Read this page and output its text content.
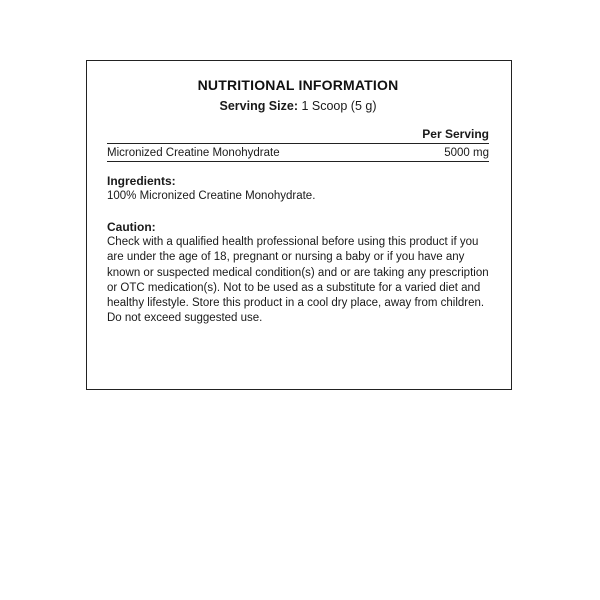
NUTRITIONAL INFORMATION
Serving Size: 1 Scoop (5 g)
Per Serving
Micronized Creatine Monohydrate	5000 mg
Ingredients:

100% Micronized Creatine Monohydrate.

Caution:

Check with a qualified health professional before using this product if you are under the age of 18, pregnant or nursing a baby or if you have any known or suspected medical condition(s) and or are taking any prescription or OTC medication(s). Not to be used as a substitute for a varied diet and healthy lifestyle. Store this product in a cool dry place, away from children. Do not exceed suggested use.
